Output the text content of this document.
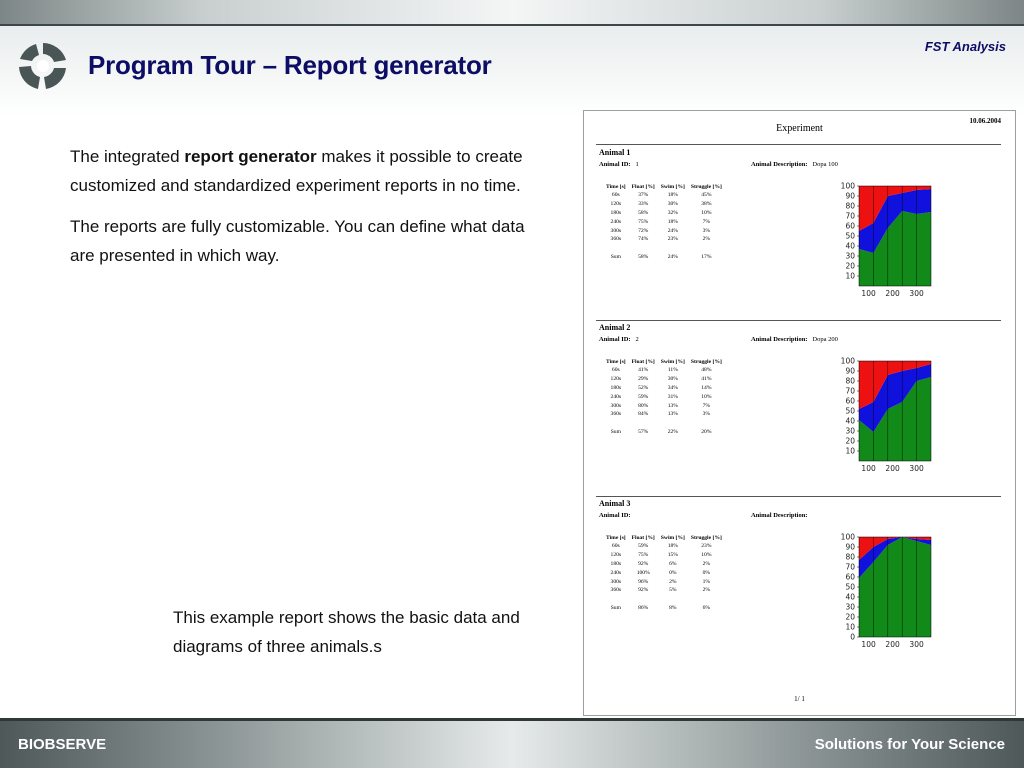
Program Tour – Report generator
FST Analysis

The integrated report generator makes it possible to create customized and standardized experiment reports in no time.

The reports are fully customizable. You can define what data are presented in which way.

This example report shows the basic data and diagrams of three animals.s
10.06.2004
Experiment
1/ 1
Animal 1
Animal ID:   1	Animal Description:   Dopa 100
Time [s]	Float [%]	Swim [%]	Struggle [%]
60s	37%	18%	45%
120s	33%	30%	38%
180s	58%	32%	10%
240s	75%	18%	7%
300s	72%	24%	3%
360s	74%	23%	2%

Sum	58%	24%	17%
10
20
30
40
50
60
70
80
90
100
100 200 300
Animal 2
Animal ID:   2	Animal Description:   Dopa 200
Time [s]	Float [%]	Swim [%]	Struggle [%]
60s	41%	11%	48%
120s	29%	30%	41%
180s	52%	34%	14%
240s	59%	31%	10%
300s	80%	13%	7%
360s	84%	13%	3%

Sum	57%	22%	20%
10
20
30
40
50
60
70
80
90
100
100 200 300
Animal 3
Animal ID:	Animal Description:
Time [s]	Float [%]	Swim [%]	Struggle [%]
60s	59%	18%	23%
120s	75%	15%	10%
180s	92%	6%	2%
240s	100%	0%	0%
300s	96%	2%	1%
360s	92%	5%	2%

Sum	86%	8%	6%
0
10
20
30
40
50
60
70
80
90
100
100 200 300
BIOBSERVE	Solutions for Your Science
